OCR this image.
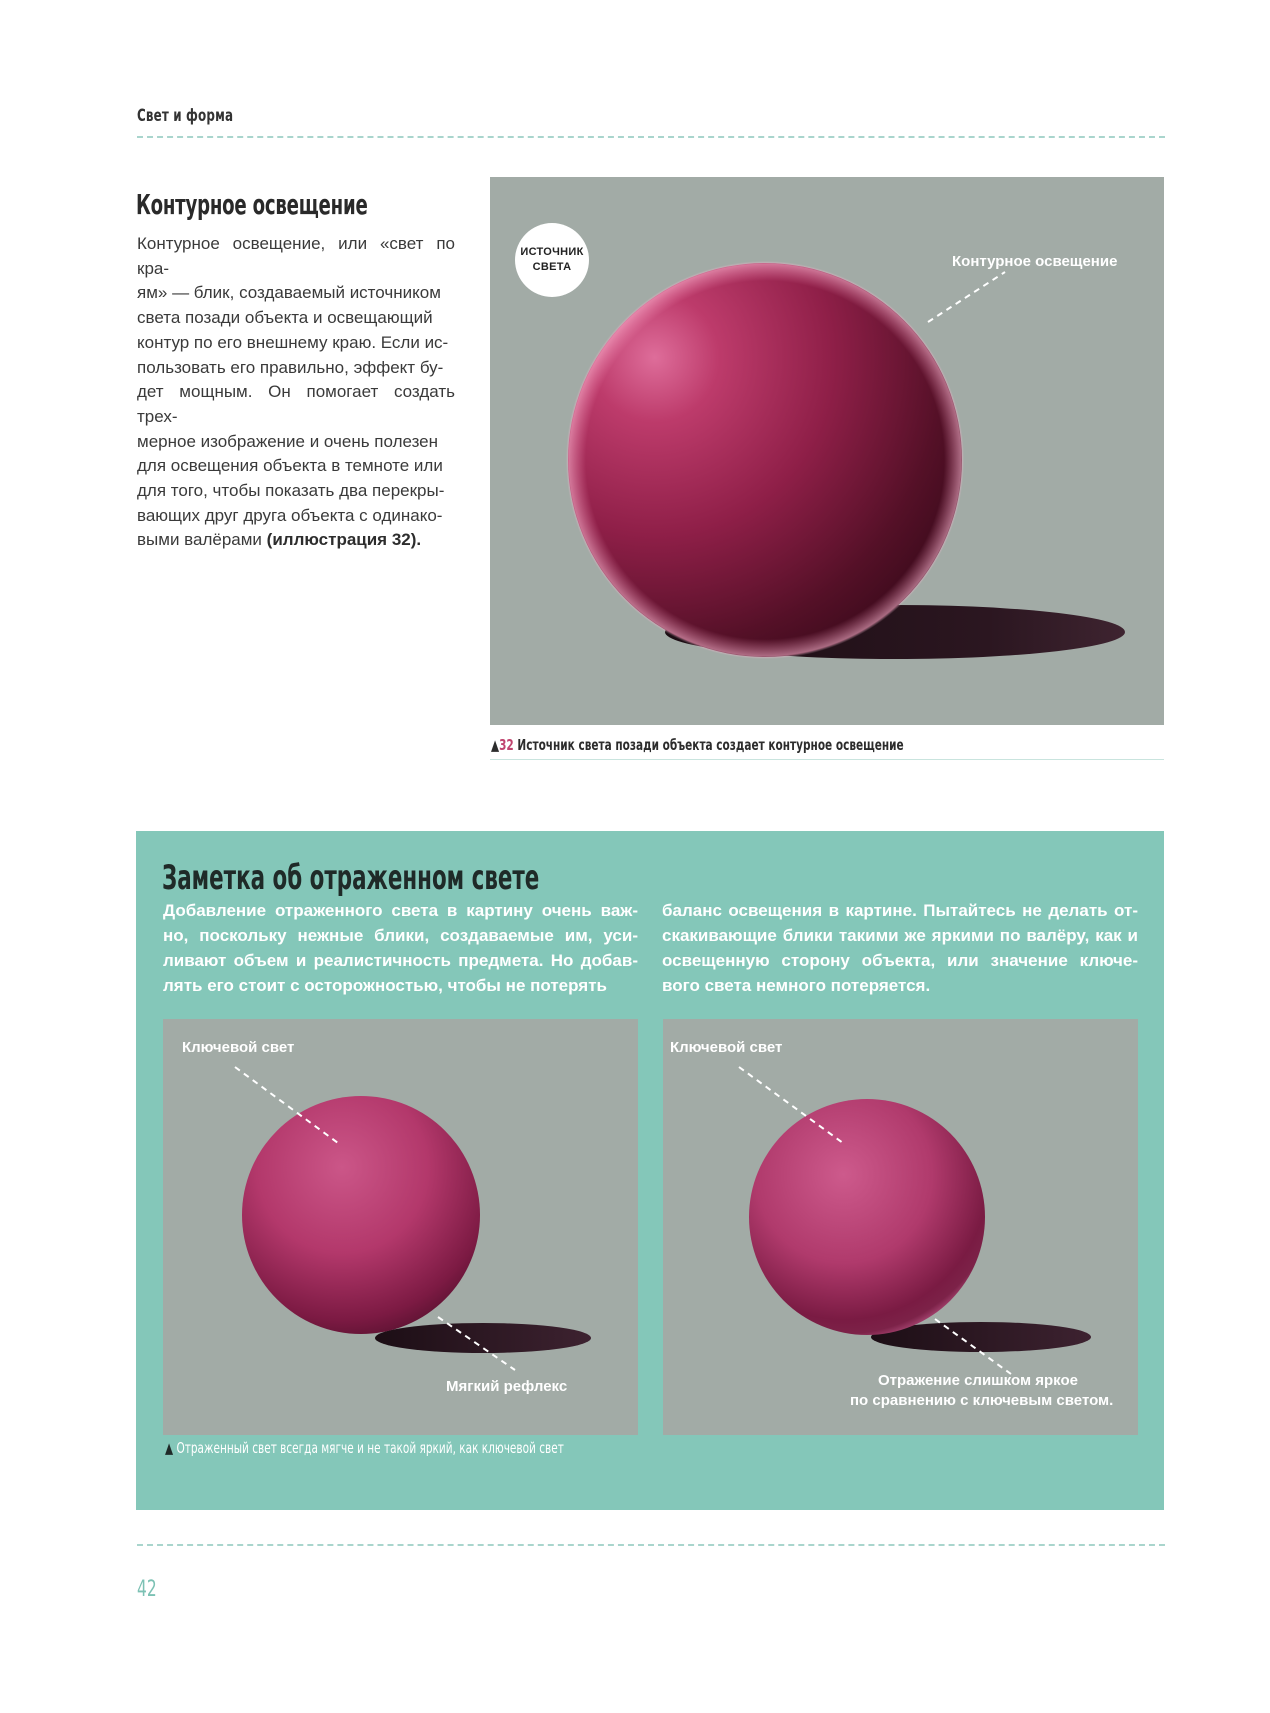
Свет и форма
Контурное освещение
Контурное освещение, или «свет по кра-
ям» — блик, создаваемый источником
света позади объекта и освещающий
контур по его внешнему краю. Если ис-
пользовать его правильно, эффект бу-
дет мощным. Он помогает создать трех-
мерное изображение и очень полезен
для освещения объекта в темноте или
для того, чтобы показать два перекры-
вающих друг друга объекта с одинако-
выми валёрами (иллюстрация 32).
ИСТОЧНИК
СВЕТА	Контурное освещение
▲32 Источник света позади объекта создает контурное освещение
Заметка об отраженном свете
Добавление отраженного света в картину очень важ-но, поскольку нежные блики, создаваемые им, уси-ливают объем и реалистичность предмета. Но добав-лять его стоит с осторожностью, чтобы не потерять
баланс освещения в картине. Пытайтесь не делать от-скакивающие блики такими же яркими по валёру, как и освещенную сторону объекта, или значение ключе-вого света немного потеряется.
Ключевой свет
Мягкий рефлекс
Ключевой свет
Отражение слишком яркое
по сравнению с ключевым светом.
▲ Отраженный свет всегда мягче и не такой яркий, как ключевой свет
42
